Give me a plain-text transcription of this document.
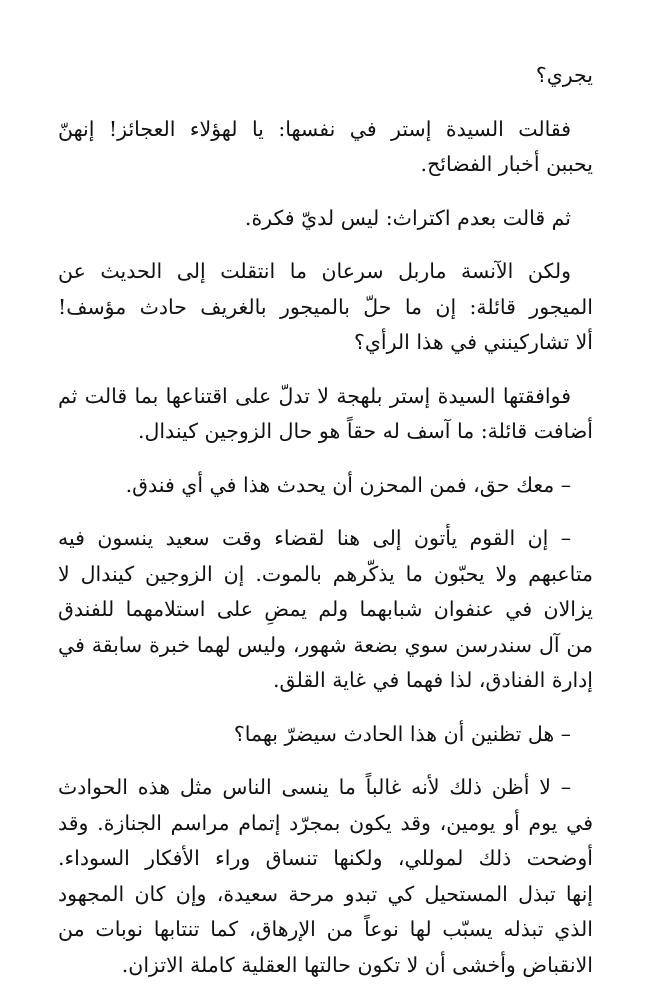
يجري؟
فقالت السيدة إستر في نفسها: يا لهؤلاء العجائز! إنهنّ
يحببن أخبار الفضائح.
ثم قالت بعدم اكتراث: ليس لديّ فكرة.
ولكن الآنسة ماربل سرعان ما انتقلت إلى الحديث عن
الميجور قائلة: إن ما حلّ بالميجور بالغريف حادث مؤسف!
ألا تشاركينني في هذا الرأي؟
فوافقتها السيدة إستر بلهجة لا تدلّ على اقتناعها بما قالت ثم
أضافت قائلة: ما آسف له حقاً هو حال الزوجين كيندال.
– معك حق، فمن المحزن أن يحدث هذا في أي فندق.
– إن القوم يأتون إلى هنا لقضاء وقت سعيد ينسون فيه
متاعبهم ولا يحبّون ما يذكّرهم بالموت. إن الزوجين كيندال لا
يزالان في عنفوان شبابهما ولم يمضِ على استلامهما للفندق
من آل سندرسن سوي بضعة شهور، وليس لهما خبرة سابقة في
إدارة الفنادق، لذا فهما في غاية القلق.
– هل تظنين أن هذا الحادث سيضرّ بهما؟
– لا أظن ذلك لأنه غالباً ما ينسى الناس مثل هذه الحوادث
في يوم أو يومين، وقد يكون بمجرّد إتمام مراسم الجنازة. وقد
أوضحت ذلك لموللي، ولكنها تنساق وراء الأفكار السوداء.
إنها تبذل المستحيل كي تبدو مرحة سعيدة، وإن كان المجهود
الذي تبذله يسبّب لها نوعاً من الإرهاق، كما تنتابها نوبات من
الانقباض وأخشى أن لا تكون حالتها العقلية كاملة الاتزان.
